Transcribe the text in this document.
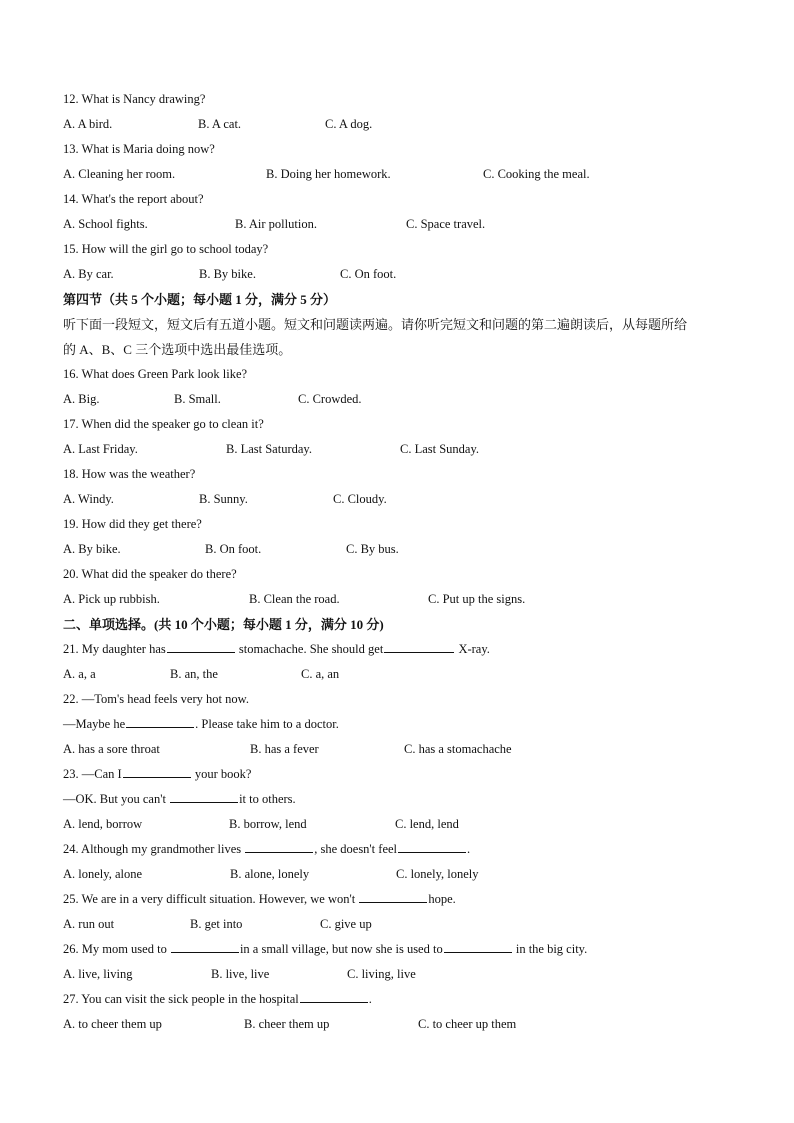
12. What is Nancy drawing?
A. A bird.	B. A cat.	C. A dog.
13. What is Maria doing now?
A. Cleaning her room.	B. Doing her homework.	C. Cooking the meal.
14. What's the report about?
A. School fights.	B. Air pollution.	C. Space travel.
15. How will the girl go to school today?
A. By car.	B. By bike.	C. On foot.
第四节（共 5 个小题；每小题 1 分，满分 5 分）
听下面一段短文，短文后有五道小题。短文和问题读两遍。请你听完短文和问题的第二遍朗读后，从每题所给
的 A、B、C 三个选项中选出最佳选项。
16. What does Green Park look like?
A. Big.	B. Small.	C. Crowded.
17. When did the speaker go to clean it?
A. Last Friday.	B. Last Saturday.	C. Last Sunday.
18. How was the weather?
A. Windy.	B. Sunny.	C. Cloudy.
19. How did they get there?
A. By bike.	B. On foot.	C. By bus.
20. What did the speaker do there?
A. Pick up rubbish.	B. Clean the road.	C. Put up the signs.
二、单项选择。(共 10 个小题；每小题 1 分，满分 10 分)
21. My daughter has	stomachache. She should get	X-ray.
A. a, a	B. an, the	C. a, an
22. —Tom's head feels very hot now.
—Maybe he	. Please take him to a doctor.
A. has a sore throat	B. has a fever	C. has a stomachache
23. —Can I	your book?
—OK. But you can't	it to others.
A. lend, borrow	B. borrow, lend	C. lend, lend
24. Although my grandmother lives	, she doesn't feel	.
A. lonely, alone	B. alone, lonely	C. lonely, lonely
25. We are in a very difficult situation. However, we won't	hope.
A. run out	B. get into	C. give up
26. My mom used to	in a small village, but now she is used to	in the big city.
A. live, living	B. live, live	C. living, live
27. You can visit the sick people in the hospital	.
A. to cheer them up	B. cheer them up	C. to cheer up them
